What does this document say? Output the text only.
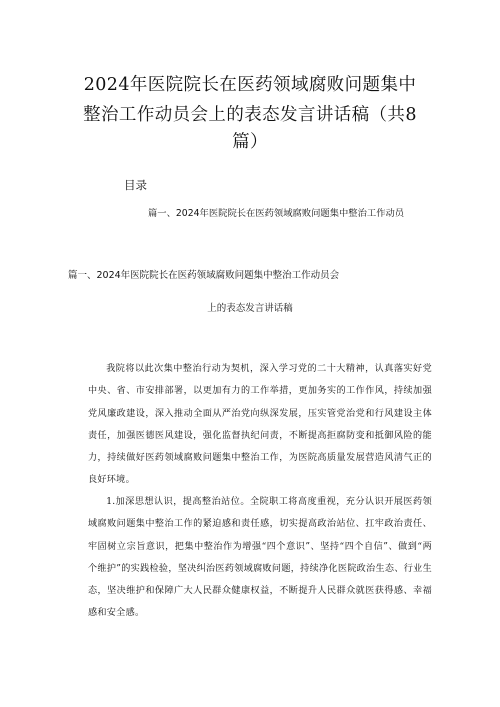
2024年医院院长在医药领域腐败问题集中
整治工作动员会上的表态发言讲话稿（共8
篇）
目录
篇一、2024年医院院长在医药领域腐败问题集中整治工作动员
篇一、2024年医院院长在医药领域腐败问题集中整治工作动员会
上的表态发言讲话稿

我院将以此次集中整治行动为契机，深入学习党的二十大精神，认真落实好党中央、省、市安排部署，以更加有力的工作举措，更加务实的工作作风，持续加强党风廉政建设，深入推动全面从严治党向纵深发展，压实管党治党和行风建设主体责任，加强医德医风建设，强化监督执纪问责，不断提高拒腐防变和抵御风险的能力，持续做好医药领域腐败问题集中整治工作，为医院高质量发展营造风清气正的良好环境。

1.加深思想认识，提高整治站位。全院职工将高度重视，充分认识开展医药领域腐败问题集中整治工作的紧迫感和责任感，切实提高政治站位、扛牢政治责任、牢固树立宗旨意识，把集中整治作为增强“四个意识”、坚持“四个自信”、做到“两个维护”的实践检验，坚决纠治医药领域腐败问题，持续净化医院政治生态、行业生态，坚决维护和保障广大人民群众健康权益，不断提升人民群众就医获得感、幸福感和安全感。
